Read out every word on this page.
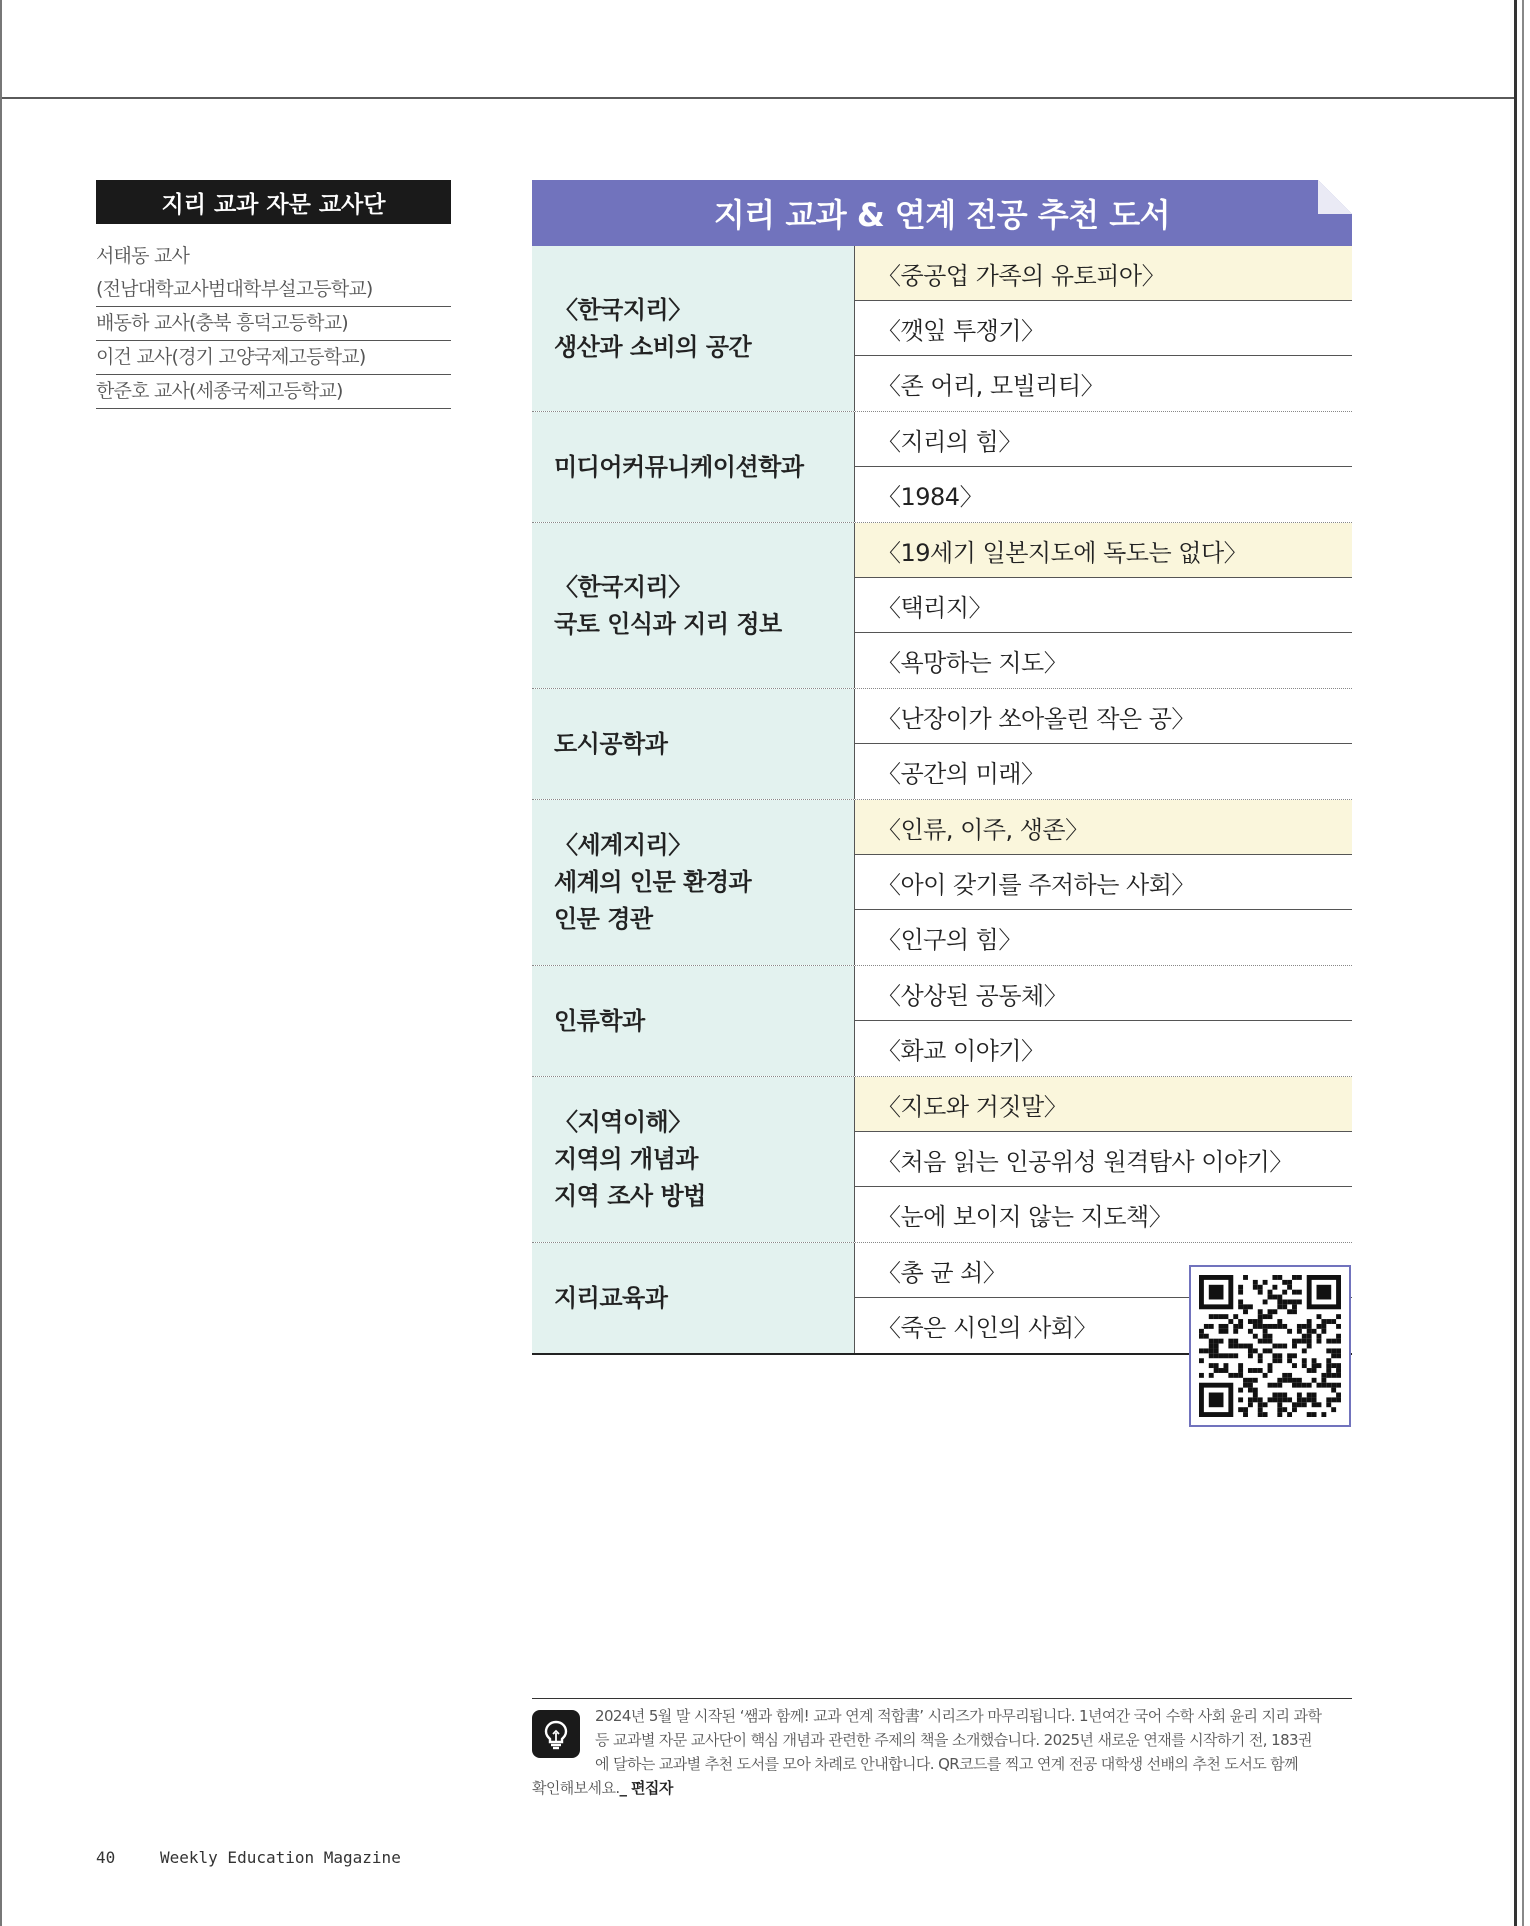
지리 교과 자문 교사단
서태동 교사
(전남대학교사범대학부설고등학교)
배동하 교사(충북 흥덕고등학교)
이건 교사(경기 고양국제고등학교)
한준호 교사(세종국제고등학교)
지리 교과 & 연계 전공 추천 도서
〈한국지리〉
생산과 소비의 공간
〈중공업 가족의 유토피아〉
〈깻잎 투쟁기〉
〈존 어리, 모빌리티〉
미디어커뮤니케이션학과
〈지리의 힘〉
〈1984〉
〈한국지리〉
국토 인식과 지리 정보
〈19세기 일본지도에 독도는 없다〉
〈택리지〉
〈욕망하는 지도〉
도시공학과
〈난장이가 쏘아올린 작은 공〉
〈공간의 미래〉
〈세계지리〉
세계의 인문 환경과
인문 경관
〈인류, 이주, 생존〉
〈아이 갖기를 주저하는 사회〉
〈인구의 힘〉
인류학과
〈상상된 공동체〉
〈화교 이야기〉
〈지역이해〉
지역의 개념과
지역 조사 방법
〈지도와 거짓말〉
〈처음 읽는 인공위성 원격탐사 이야기〉
〈눈에 보이지 않는 지도책〉
지리교육과
〈총 균 쇠〉
〈죽은 시인의 사회〉
2024년 5월 말 시작된 ‘쌤과 함께! 교과 연계 적합書’ 시리즈가 마무리됩니다. 1년여간 국어 수학 사회 윤리 지리 과학
등 교과별 자문 교사단이 핵심 개념과 관련한 주제의 책을 소개했습니다. 2025년 새로운 연재를 시작하기 전, 183권
에 달하는 교과별 추천 도서를 모아 차례로 안내합니다. QR코드를 찍고 연계 전공 대학생 선배의 추천 도서도 함께
확인해보세요._ 편집자
40	Weekly Education Magazine
